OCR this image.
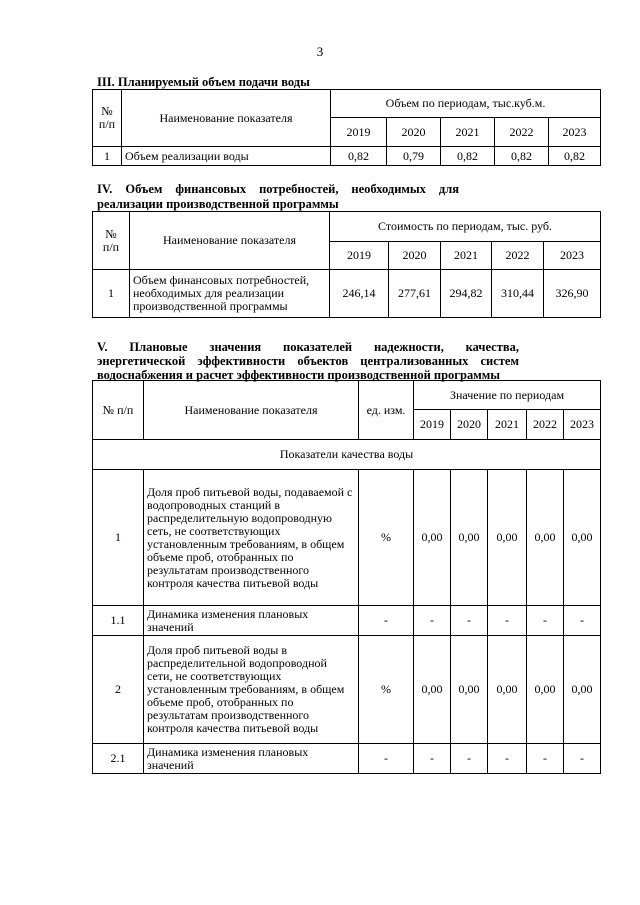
3
III. Планируемый объем подачи воды
№
п/п	Наименование показателя	Объем по периодам, тыс.куб.м.				
		2019	2020	2021	2022	2023
1	Объем реализации воды	0,82	0,79	0,82	0,82	0,82
IV. Объем финансовых потребностей, необходимых для
реализации производственной программы
№
п/п	Наименование показателя	Стоимость по периодам, тыс. руб.				
		2019	2020	2021	2022	2023
1	Объем финансовых потребностей, необходимых для реализации производственной программы	246,14	277,61	294,82	310,44	326,90
V. Плановые значения показателей надежности, качества,
энергетической эффективности объектов централизованных систем
водоснабжения и расчет эффективности производственной программы
№ п/п	Наименование показателя	ед. изм.	Значение по периодам				
			2019	2020	2021	2022	2023
Показатели качества воды							
1	Доля проб питьевой воды, подаваемой с водопроводных станций в распределительную водопроводную сеть, не соответствующих установленным требованиям, в общем объеме проб, отобранных по результатам производственного контроля качества питьевой воды	%	0,00	0,00	0,00	0,00	0,00
1.1	Динамика изменения плановых значений	-	-	-	-	-	-
2	Доля проб питьевой воды в распределительной водопроводной сети, не соответствующих установленным требованиям, в общем объеме проб, отобранных по результатам производственного контроля качества питьевой воды	%	0,00	0,00	0,00	0,00	0,00
2.1	Динамика изменения плановых значений	-	-	-	-	-	-
